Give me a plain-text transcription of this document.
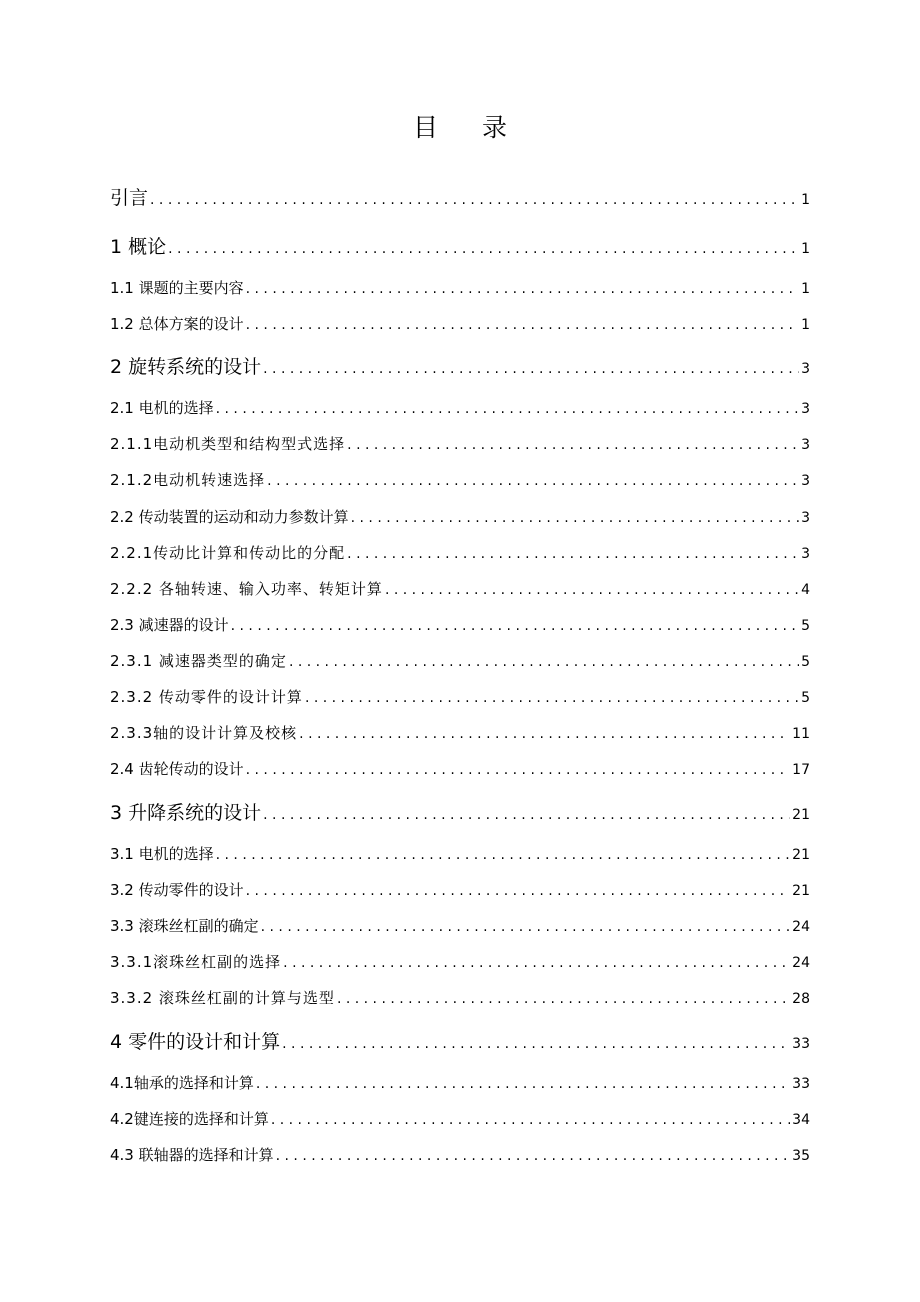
目 录
引言 . . .	1
1 概论 . . .	1
1.1 课题的主要内容 . . .	1
1.2 总体方案的设计 . . .	1
2 旋转系统的设计 . . .	3
2.1 电机的选择 . . .	3
2.1.1电动机类型和结构型式选择 . . .	3
2.1.2电动机转速选择 . . .	3
2.2 传动装置的运动和动力参数计算 . . .	3
2.2.1传动比计算和传动比的分配 . . .	3
2.2.2 各轴转速、输入功率、转矩计算 . . .	4
2.3 减速器的设计 . . .	5
2.3.1 减速器类型的确定 . . .	5
2.3.2 传动零件的设计计算 . . .	5
2.3.3轴的设计计算及校核 . . .	11
2.4 齿轮传动的设计 . . .	17
3 升降系统的设计 . . .	21
3.1 电机的选择 . . .	21
3.2 传动零件的设计 . . .	21
3.3 滚珠丝杠副的确定 . . .	24
3.3.1滚珠丝杠副的选择 . . .	24
3.3.2 滚珠丝杠副的计算与选型 . . .	28
4 零件的设计和计算 . . .	33
4.1轴承的选择和计算 . . .	33
4.2键连接的选择和计算 . . .	34
4.3 联轴器的选择和计算 . . .	35
